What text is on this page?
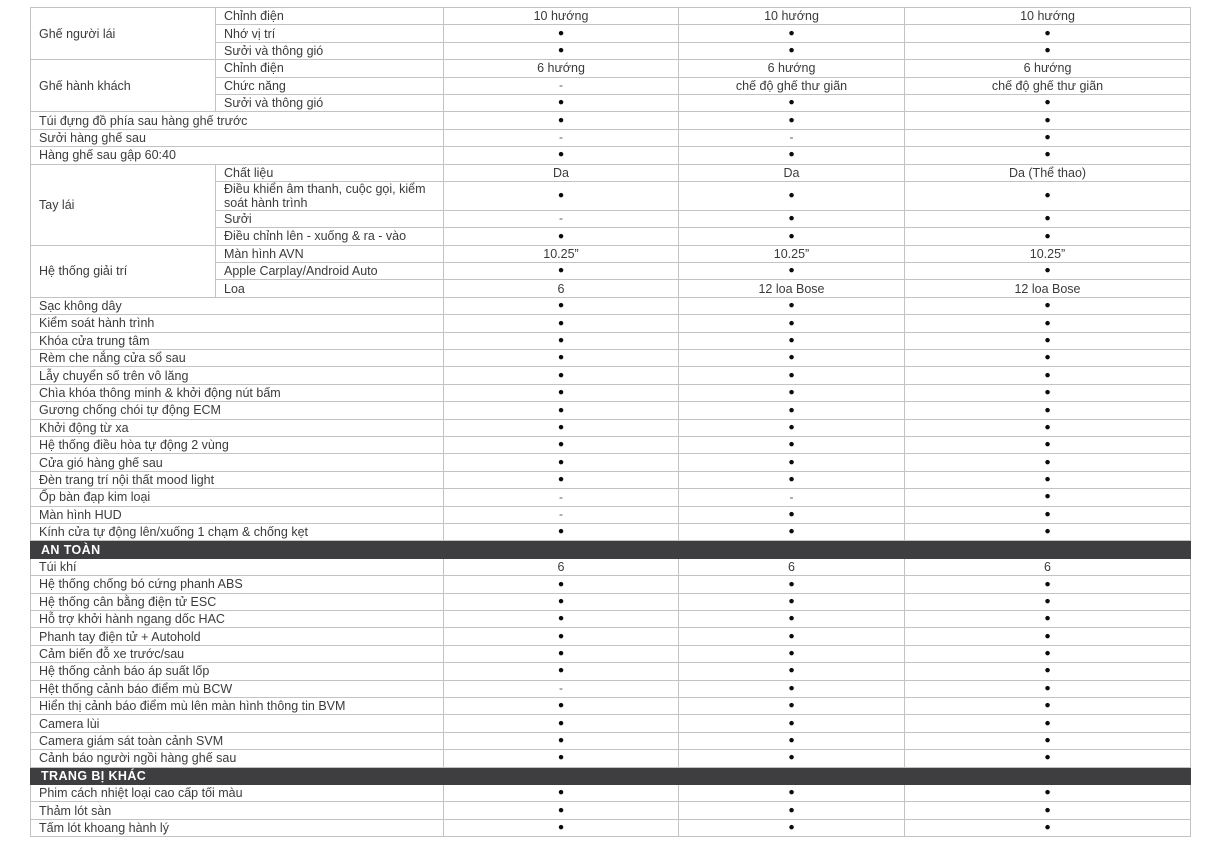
Ghế người lái	Chỉnh điện	10 hướng	10 hướng	10 hướng
	Nhớ vị trí	●	●	●
	Sưởi và thông gió	●	●	●
Ghế hành khách	Chỉnh điện	6 hướng	6 hướng	6 hướng
	Chức năng	-	chế độ ghế thư giãn	chế độ ghế thư giãn
	Sưởi và thông gió	●	●	●
Túi đựng đồ phía sau hàng ghế trước		●	●	●
Sưởi hàng ghế sau		-	-	●
Hàng ghế sau gập 60:40		●	●	●
Tay lái	Chất liệu	Da	Da	Da (Thể thao)
	Điều khiển âm thanh, cuộc gọi, kiểm soát hành trình	●	●	●
	Sưởi	-	●	●
	Điều chỉnh lên - xuống & ra - vào	●	●	●
Hệ thống giải trí	Màn hình AVN	10.25”	10.25”	10.25”
	Apple Carplay/Android Auto	●	●	●
	Loa	6	12 loa Bose	12 loa Bose
Sạc không dây		●	●	●
Kiểm soát hành trình		●	●	●
Khóa cửa trung tâm		●	●	●
Rèm che nắng cửa sổ sau		●	●	●
Lẫy chuyển số trên vô lăng		●	●	●
Chìa khóa thông minh & khởi động nút bấm		●	●	●
Gương chống chói tự động ECM		●	●	●
Khởi động từ xa		●	●	●
Hệ thống điều hòa tự động 2 vùng		●	●	●
Cửa gió hàng ghế sau		●	●	●
Đèn trang trí nội thất mood light		●	●	●
Ốp bàn đạp kim loại		-	-	●
Màn hình HUD		-	●	●
Kính cửa tự động lên/xuống 1 chạm & chống kẹt		●	●	●
AN TOÀN				
Túi khí		6	6	6
Hệ thống chống bó cứng phanh ABS		●	●	●
Hệ thống cân bằng điện tử ESC		●	●	●
Hỗ trợ khởi hành ngang dốc HAC		●	●	●
Phanh tay điện tử + Autohold		●	●	●
Cảm biến đỗ xe trước/sau		●	●	●
Hệ thống cảnh báo áp suất lốp		●	●	●
Hệt thống cảnh báo điểm mù BCW		-	●	●
Hiển thị cảnh báo điểm mù lên màn hình thông tin BVM		●	●	●
Camera lùi		●	●	●
Camera giám sát toàn cảnh SVM		●	●	●
Cảnh báo người ngồi hàng ghế sau		●	●	●
TRANG BỊ KHÁC				
Phim cách nhiệt loại cao cấp tối màu		●	●	●
Thảm lót sàn		●	●	●
Tấm lót khoang hành lý		●	●	●
